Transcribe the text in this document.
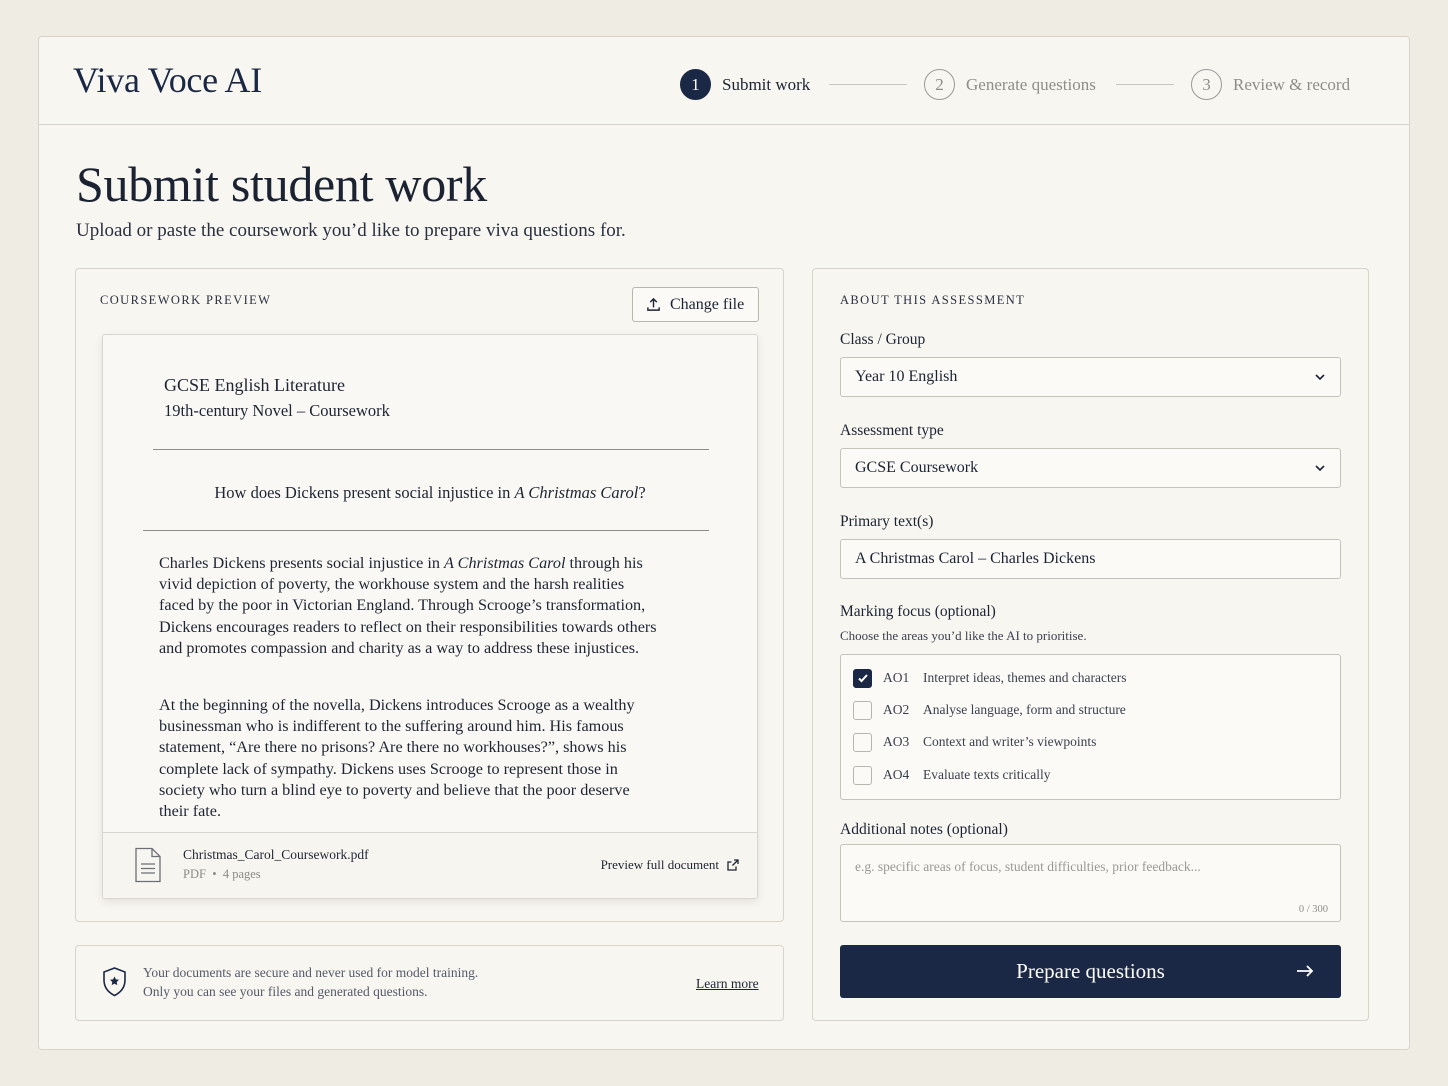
Viva Voce AI	1	Submit work	2	Generate questions	3	Review & record
Submit student work
Upload or paste the coursework you’d like to prepare viva questions for.
COURSEWORK PREVIEW	Change file
GCSE English Literature
19th-century Novel – Coursework
How does Dickens present social injustice in A Christmas Carol?
Charles Dickens presents social injustice in A Christmas Carol through his vivid depiction of poverty, the workhouse system and the harsh realities faced by the poor in Victorian England. Through Scrooge’s transformation, Dickens encourages readers to reflect on their responsibilities towards others and promotes compassion and charity as a way to address these injustices.
At the beginning of the novella, Dickens introduces Scrooge as a wealthy businessman who is indifferent to the suffering around him. His famous statement, “Are there no prisons? Are there no workhouses?”, shows his complete lack of sympathy. Dickens uses Scrooge to represent those in society who turn a blind eye to poverty and believe that the poor deserve their fate.
Christmas_Carol_Coursework.pdf
PDF • 4 pages
Preview full document
Your documents are secure and never used for model training.
Only you can see your files and generated questions.
Learn more
ABOUT THIS ASSESSMENT
Class / Group
Year 10 English
Assessment type
GCSE Coursework
Primary text(s)
A Christmas Carol – Charles Dickens
Marking focus (optional)
Choose the areas you’d like the AI to prioritise.
AO1	Interpret ideas, themes and characters
AO2	Analyse language, form and structure
AO3	Context and writer’s viewpoints
AO4	Evaluate texts critically
Additional notes (optional)
e.g. specific areas of focus, student difficulties, prior feedback...
0 / 300
Prepare questions
